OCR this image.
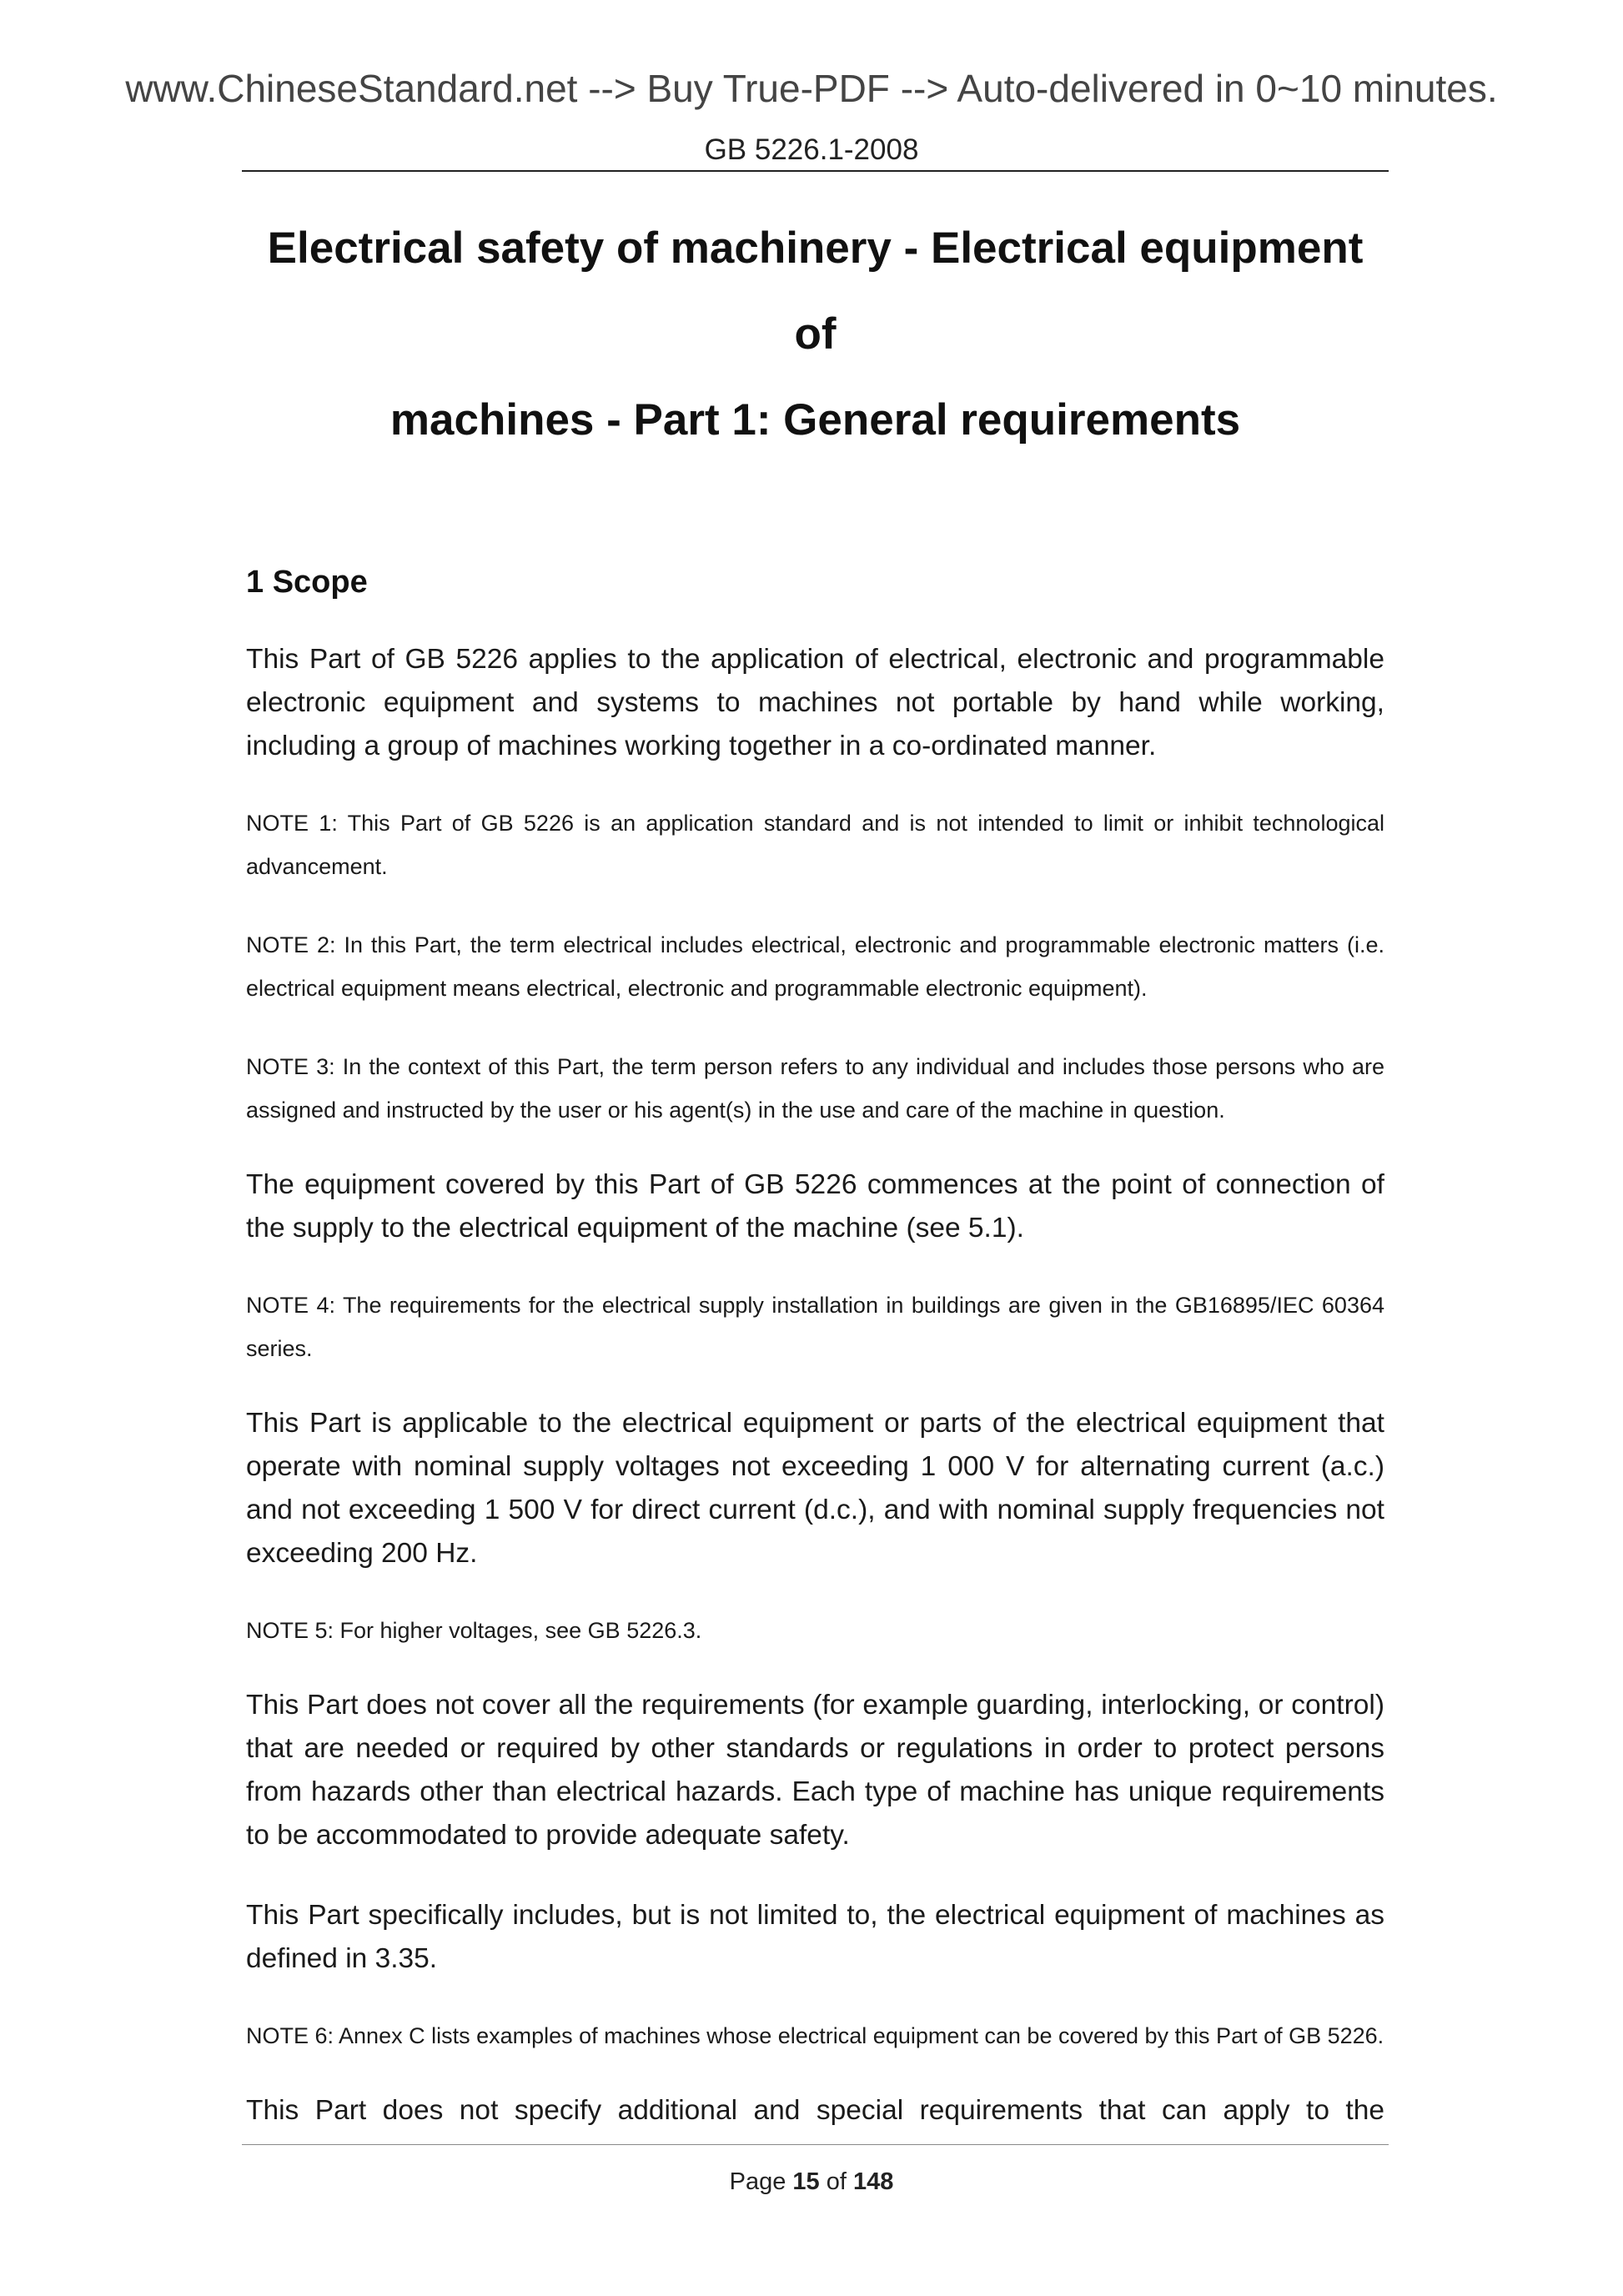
www.ChineseStandard.net --> Buy True-PDF --> Auto-delivered in 0~10 minutes.
GB 5226.1-2008
Electrical safety of machinery - Electrical equipment of
machines - Part 1: General requirements
1 Scope

This Part of GB 5226 applies to the application of electrical, electronic and programmable electronic equipment and systems to machines not portable by hand while working, including a group of machines working together in a co-ordinated manner.

NOTE 1: This Part of GB 5226 is an application standard and is not intended to limit or inhibit technological advancement.

NOTE 2: In this Part, the term electrical includes electrical, electronic and programmable electronic matters (i.e. electrical equipment means electrical, electronic and programmable electronic equipment).

NOTE 3: In the context of this Part, the term person refers to any individual and includes those persons who are assigned and instructed by the user or his agent(s) in the use and care of the machine in question.

The equipment covered by this Part of GB 5226 commences at the point of connection of the supply to the electrical equipment of the machine (see 5.1).

NOTE 4: The requirements for the electrical supply installation in buildings are given in the GB16895/IEC 60364 series.

This Part is applicable to the electrical equipment or parts of the electrical equipment that operate with nominal supply voltages not exceeding 1 000 V for alternating current (a.c.) and not exceeding 1 500 V for direct current (d.c.), and with nominal supply frequencies not exceeding 200 Hz.

NOTE 5: For higher voltages, see GB 5226.3.

This Part does not cover all the requirements (for example guarding, interlocking, or control) that are needed or required by other standards or regulations in order to protect persons from hazards other than electrical hazards. Each type of machine has unique requirements to be accommodated to provide adequate safety.

This Part specifically includes, but is not limited to, the electrical equipment of machines as defined in 3.35.

NOTE 6: Annex C lists examples of machines whose electrical equipment can be covered by this Part of GB 5226.

This Part does not specify additional and special requirements that can apply to the

Page 15 of 148
